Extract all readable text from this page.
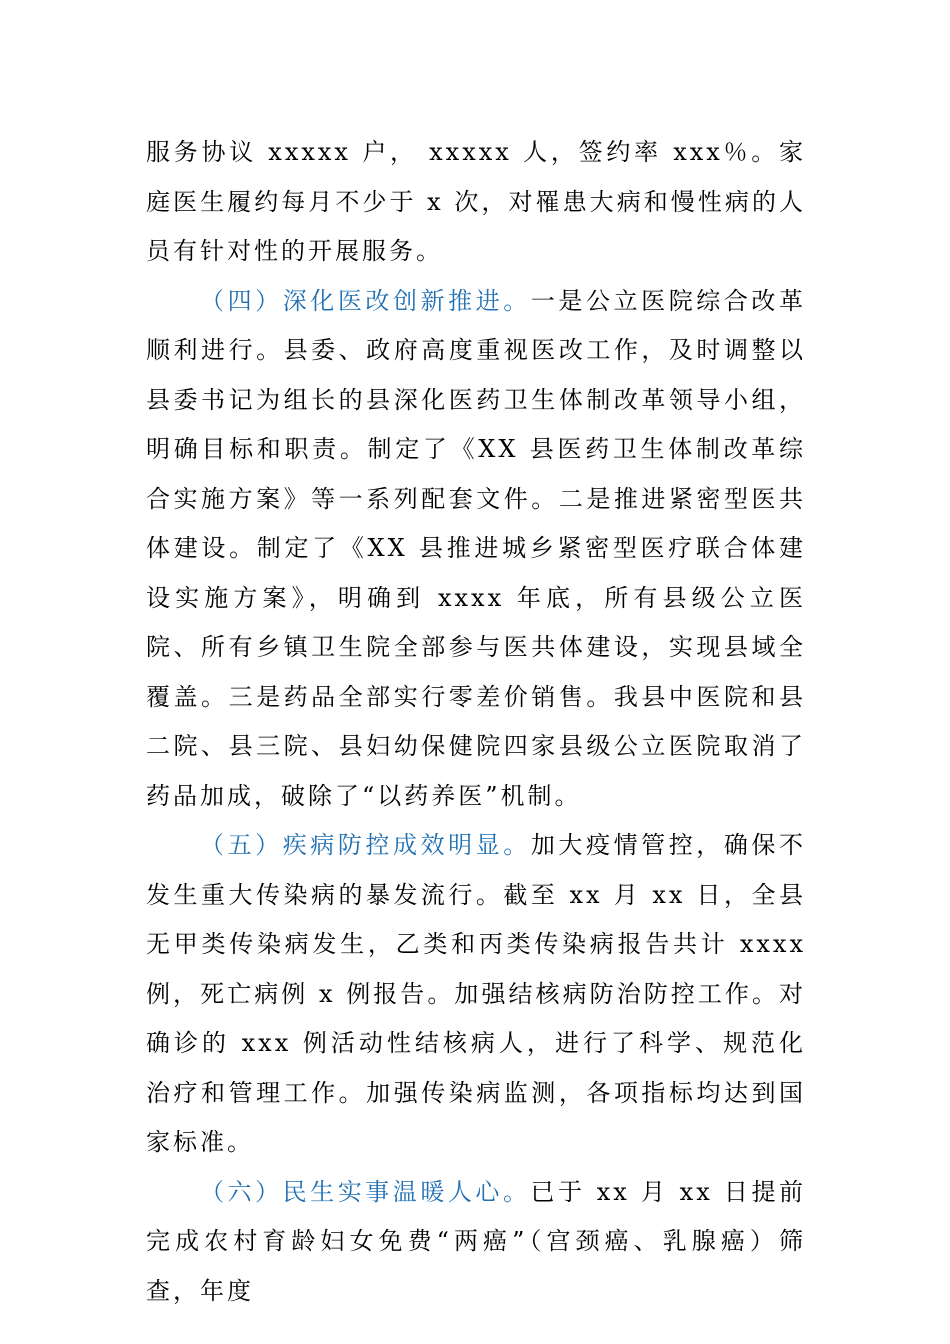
服务协议 xxxxx 户， xxxxx 人，签约率 xxx％。家庭医生履约每月不少于 x 次，对罹患大病和慢性病的人员有针对性的开展服务。

（四）深化医改创新推进。一是公立医院综合改革顺利进行。县委、政府高度重视医改工作，及时调整以县委书记为组长的县深化医药卫生体制改革领导小组，明确目标和职责。制定了《XX 县医药卫生体制改革综合实施方案》等一系列配套文件。二是推进紧密型医共体建设。制定了《XX 县推进城乡紧密型医疗联合体建设实施方案》，明确到 xxxx 年底，所有县级公立医院、所有乡镇卫生院全部参与医共体建设，实现县域全覆盖。三是药品全部实行零差价销售。我县中医院和县二院、县三院、县妇幼保健院四家县级公立医院取消了药品加成，破除了“以药养医”机制。

（五）疾病防控成效明显。加大疫情管控，确保不发生重大传染病的暴发流行。截至 xx 月 xx 日，全县无甲类传染病发生，乙类和丙类传染病报告共计 xxxx 例，死亡病例 x 例报告。加强结核病防治防控工作。对确诊的 xxx 例活动性结核病人，进行了科学、规范化治疗和管理工作。加强传染病监测，各项指标均达到国家标准。

（六）民生实事温暖人心。已于 xx 月 xx 日提前完成农村育龄妇女免费“两癌”（宫颈癌、乳腺癌）筛查，年度
